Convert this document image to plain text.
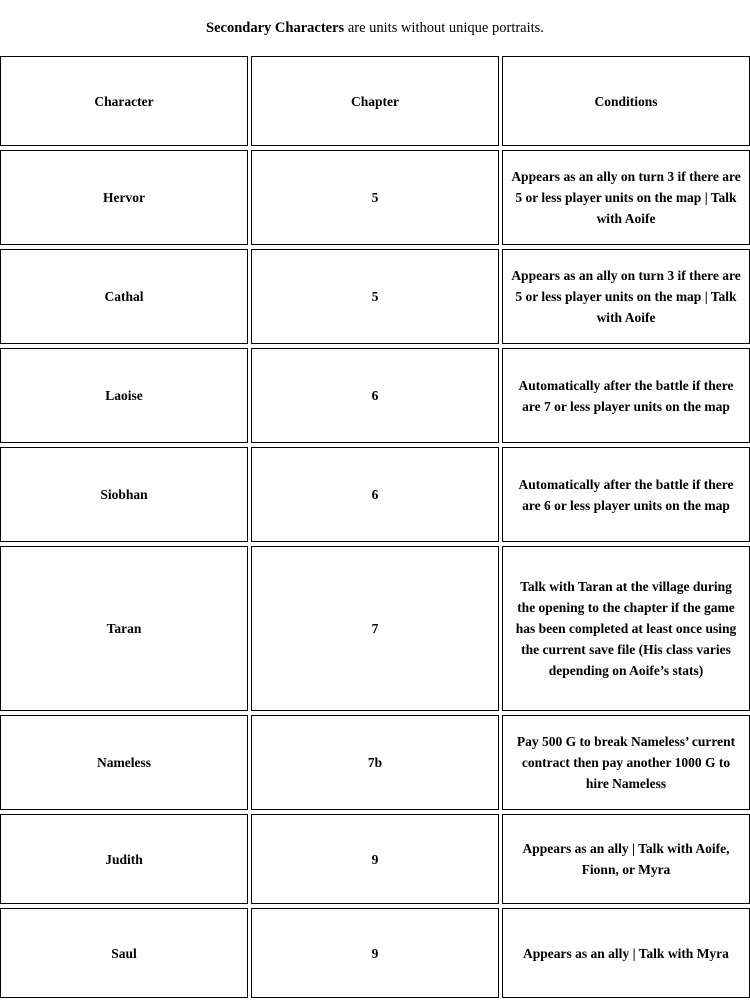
Secondary Characters are units without unique portraits.
Character		Chapter		Conditions
Hervor		5		Appears as an ally on turn 3 if there are 5 or less player units on the map | Talk with Aoife
Cathal		5		Appears as an ally on turn 3 if there are 5 or less player units on the map | Talk with Aoife
Laoise		6		Automatically after the battle if there are 7 or less player units on the map
Siobhan		6		Automatically after the battle if there are 6 or less player units on the map
Taran		7		Talk with Taran at the village during the opening to the chapter if the game has been completed at least once using the current save file (His class varies depending on Aoife’s stats)
Nameless		7b		Pay 500 G to break Nameless’ current contract then pay another 1000 G to hire Nameless
Judith		9		Appears as an ally | Talk with Aoife, Fionn, or Myra
Saul		9		Appears as an ally | Talk with Myra
